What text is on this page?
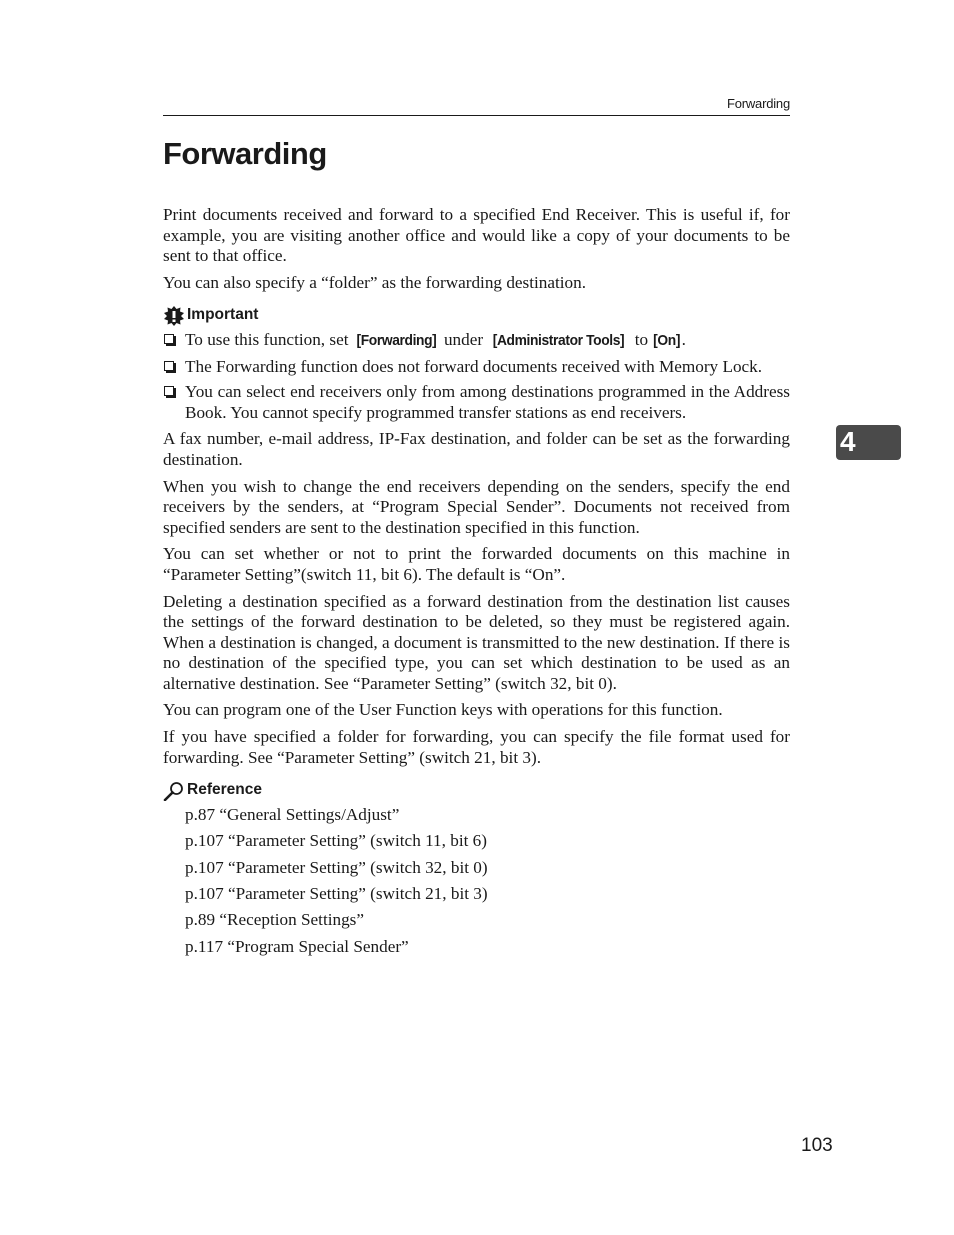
Forwarding
Forwarding

Print documents received and forward to a specified End Receiver. This is useful if, for example, you are visiting another office and would like a copy of your documents to be sent to that office.

You can also specify a “folder” as the forwarding destination.

Important
To use this function, set [Forwarding] under [Administrator Tools] to [On].
The Forwarding function does not forward documents received with Memory Lock.
You can select end receivers only from among destinations programmed in the Address Book. You cannot specify programmed transfer stations as end receivers.

A fax number, e-mail address, IP-Fax destination, and folder can be set as the forwarding destination.

When you wish to change the end receivers depending on the senders, specify the end receivers by the senders, at “Program Special Sender”. Documents not received from specified senders are sent to the destination specified in this function.

You can set whether or not to print the forwarded documents on this machine in “Parameter Setting”(switch 11, bit 6). The default is “On”.

Deleting a destination specified as a forward destination from the destination list causes the settings of the forward destination to be deleted, so they must be registered again. When a destination is changed, a document is transmitted to the new destination. If there is no destination of the specified type, you can set which destination to be used as an alternative destination. See “Parameter Setting” (switch 32, bit 0).

You can program one of the User Function keys with operations for this function.

If you have specified a folder for forwarding, you can specify the file format used for forwarding. See “Parameter Setting” (switch 21, bit 3).

Reference
p.87 “General Settings/Adjust”
p.107 “Parameter Setting” (switch 11, bit 6)
p.107 “Parameter Setting” (switch 32, bit 0)
p.107 “Parameter Setting” (switch 21, bit 3)
p.89 “Reception Settings”
p.117 “Program Special Sender”
4
103
